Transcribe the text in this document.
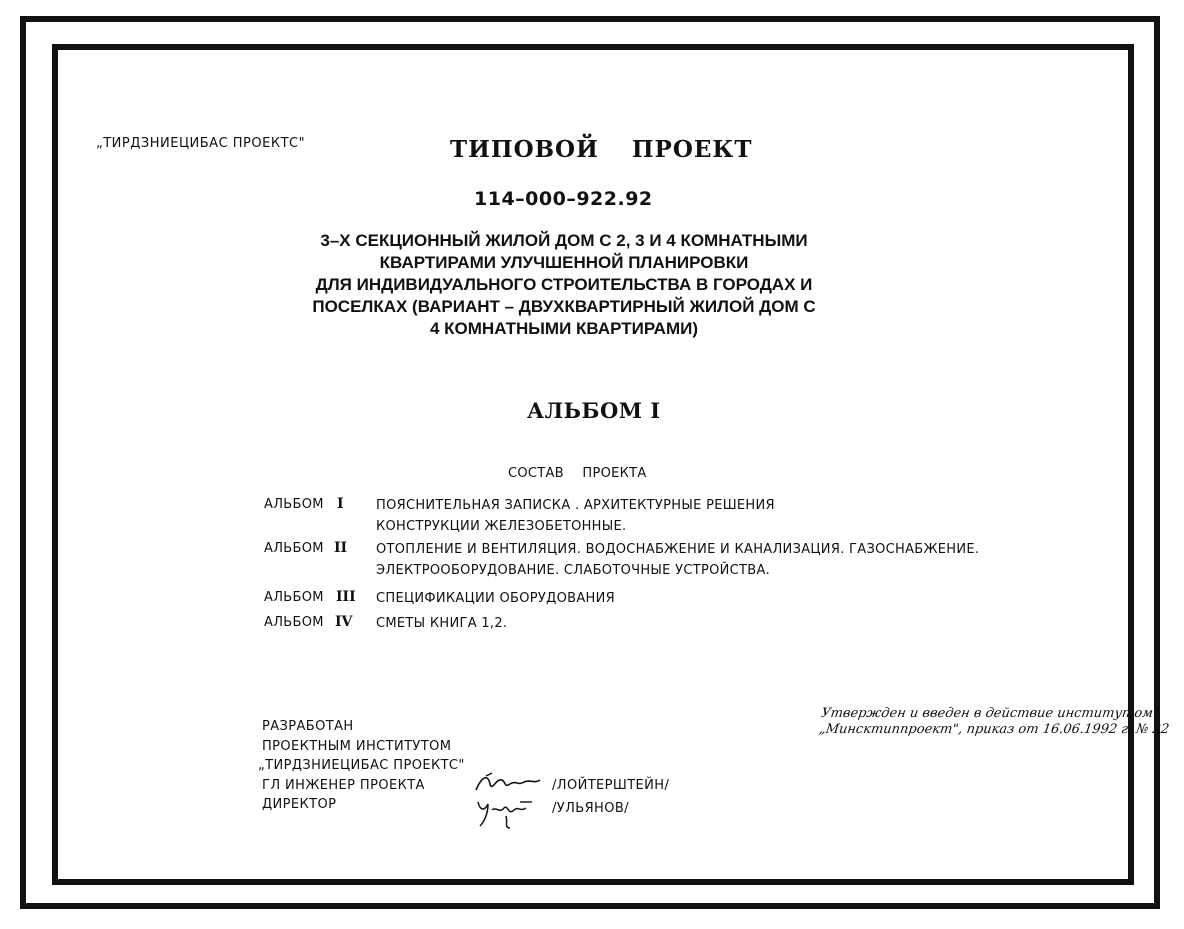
„ТИРДЗНИЕЦИБАС ПРОЕКТС"	ТИПОВОЙ ПРОЕКТ
114–000–922.92
3–Х СЕКЦИОННЫЙ ЖИЛОЙ ДОМ С 2, 3 И 4 КОМНАТНЫМИ
КВАРТИРАМИ УЛУЧШЕННОЙ ПЛАНИРОВКИ
ДЛЯ ИНДИВИДУАЛЬНОГО СТРОИТЕЛЬСТВА В ГОРОДАХ И
ПОСЕЛКАХ (ВАРИАНТ – ДВУХКВАРТИРНЫЙ ЖИЛОЙ ДОМ С
4 КОМНАТНЫМИ КВАРТИРАМИ)
АЛЬБОМ I
СОСТАВ ПРОЕКТА
АЛЬБОМ I ПОЯСНИТЕЛЬНАЯ ЗАПИСКА . АРХИТЕКТУРНЫЕ РЕШЕНИЯ
КОНСТРУКЦИИ ЖЕЛЕЗОБЕТОННЫЕ.
АЛЬБОМ II ОТОПЛЕНИЕ И ВЕНТИЛЯЦИЯ. ВОДОСНАБЖЕНИЕ И КАНАЛИЗАЦИЯ. ГАЗОСНАБЖЕНИЕ.
ЭЛЕКТРООБОРУДОВАНИЕ. СЛАБОТОЧНЫЕ УСТРОЙСТВА.
АЛЬБОМ III СПЕЦИФИКАЦИИ ОБОРУДОВАНИЯ
АЛЬБОМ IV СМЕТЫ КНИГА 1,2.
РАЗРАБОТАН
ПРОЕКТНЫМ ИНСТИТУТОМ
„ТИРДЗНИЕЦИБАС ПРОЕКТС"
ГЛ ИНЖЕНЕР ПРОЕКТА
ДИРЕКТОР
/ЛОЙТЕРШТЕЙН/
/УЛЬЯНОВ/
Утвержден и введен в действие институтом
„Минсктиппроект", приказ от 16.06.1992 г. № 22
